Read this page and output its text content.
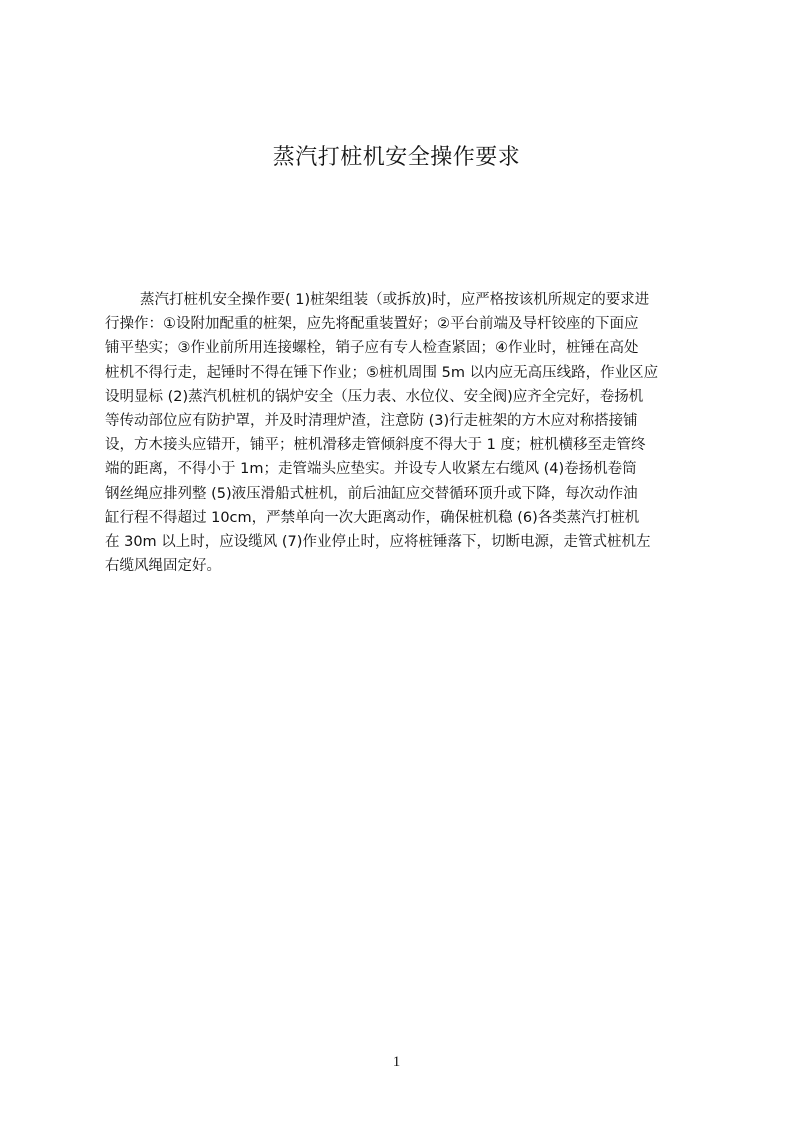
蒸汽打桩机安全操作要求
蒸汽打桩机安全操作要( 1)桩架组装（或拆放)时，应严格按该机所规定的要求进
行操作：①设附加配重的桩架，应先将配重装置好；②平台前端及导杆铰座的下面应
铺平垫实；③作业前所用连接螺栓，销子应有专人检查紧固；④作业时，桩锤在高处
桩机不得行走，起锤时不得在锤下作业；⑤桩机周围 5m 以内应无高压线路，作业区应
设明显标 (2)蒸汽机桩机的锅炉安全（压力表、水位仪、安全阀)应齐全完好，卷扬机
等传动部位应有防护罩，并及时清理炉渣，注意防 (3)行走桩架的方木应对称搭接铺
设，方木接头应错开，铺平；桩机滑移走管倾斜度不得大于 1 度；桩机横移至走管终
端的距离，不得小于 1m；走管端头应垫实。并设专人收紧左右缆风 (4)卷扬机卷筒
钢丝绳应排列整 (5)液压滑船式桩机，前后油缸应交替循环顶升或下降，每次动作油
缸行程不得超过 10cm，严禁单向一次大距离动作，确保桩机稳 (6)各类蒸汽打桩机
在 30m 以上时，应设缆风 (7)作业停止时，应将桩锤落下，切断电源，走管式桩机左
右缆风绳固定好。
1
